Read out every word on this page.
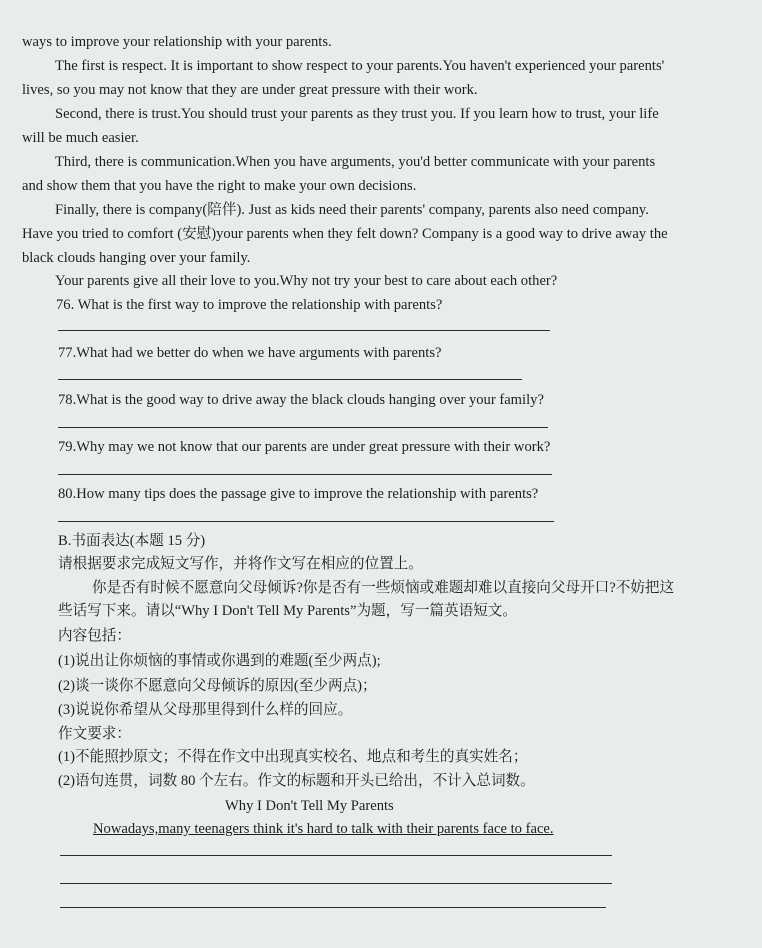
ways to improve your relationship with your parents.
The first is respect. It is important to show respect to your parents.You haven't experienced your parents'
lives, so you may not know that they are under great pressure with their work.
Second, there is trust.You should trust your parents as they trust you. If you learn how to trust, your life
will be much easier.
Third, there is communication.When you have arguments, you'd better communicate with your parents
and show them that you have the right to make your own decisions.
Finally, there is company(陪伴). Just as kids need their parents' company, parents also need company.
Have you tried to comfort (安慰)your parents when they felt down? Company is a good way to drive away the
black clouds hanging over your family.
Your parents give all their love to you.Why not try your best to care about each other?
76. What is the first way to improve the relationship with parents?
77.What had we better do when we have arguments with parents?
78.What is the good way to drive away the black clouds hanging over your family?
79.Why may we not know that our parents are under great pressure with their work?
80.How many tips does the passage give to improve the relationship with parents?
B.书面表达(本题 15 分)
请根据要求完成短文写作，并将作文写在相应的位置上。
你是否有时候不愿意向父母倾诉?你是否有一些烦恼或难题却难以直接向父母开口?不妨把这
些话写下来。请以“Why I Don't Tell My Parents”为题，写一篇英语短文。
内容包括：
(1)说出让你烦恼的事情或你遇到的难题(至少两点);
(2)谈一谈你不愿意向父母倾诉的原因(至少两点)；
(3)说说你希望从父母那里得到什么样的回应。
作文要求：
(1)不能照抄原文；不得在作文中出现真实校名、地点和考生的真实姓名；
(2)语句连贯，词数 80 个左右。作文的标题和开头已给出，不计入总词数。
Why I Don't Tell My Parents
Nowadays,many teenagers think it's hard to talk with their parents face to face.
